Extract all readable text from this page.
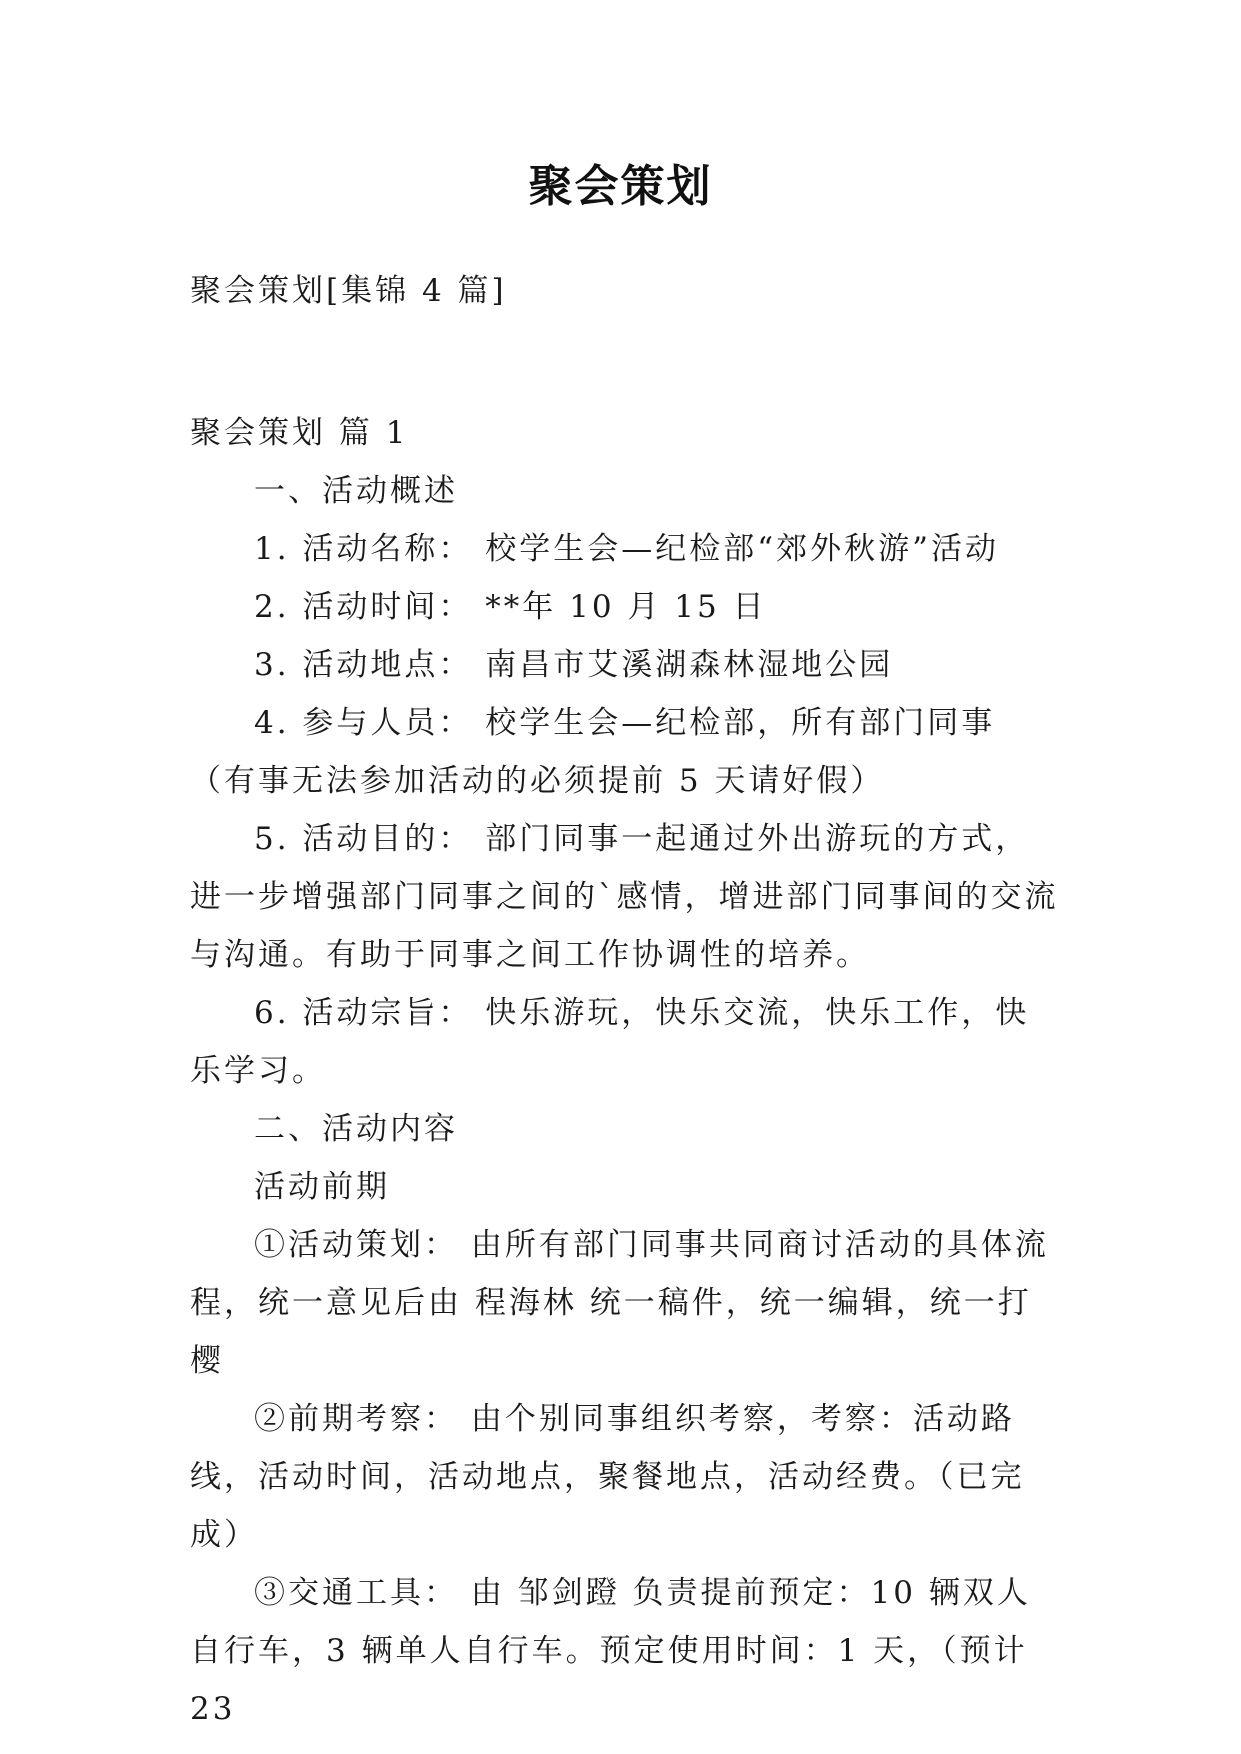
聚会策划
聚会策划[集锦 4 篇]

聚会策划 篇 1

一、活动概述

1. 活动名称： 校学生会—纪检部“郊外秋游”活动

2. 活动时间： **年 10 月 15 日

3. 活动地点： 南昌市艾溪湖森林湿地公园

4. 参与人员： 校学生会—纪检部，所有部门同事（有事无法参加活动的必须提前 5 天请好假）

5. 活动目的： 部门同事一起通过外出游玩的方式，进一步增强部门同事之间的`感情，增进部门同事间的交流与沟通。有助于同事之间工作协调性的培养。

6. 活动宗旨： 快乐游玩，快乐交流，快乐工作，快乐学习。

二、活动内容

活动前期

①活动策划： 由所有部门同事共同商讨活动的具体流程，统一意见后由 程海林 统一稿件，统一编辑，统一打樱

②前期考察： 由个别同事组织考察，考察：活动路线，活动时间，活动地点，聚餐地点，活动经费。（已完成）

③交通工具： 由 邹剑蹬 负责提前预定：10 辆双人自行车，3 辆单人自行车。预定使用时间：1 天，（预计 23
